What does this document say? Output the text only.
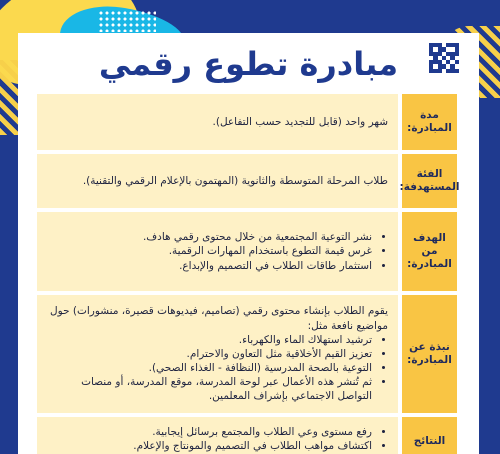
مبادرة تطوع رقمي
مدة المبادرة:

شهر واحد (قابل للتجديد حسب التفاعل).

الفئة المستهدفة:

طلاب المرحلة المتوسطة والثانوية (المهتمون بالإعلام الرقمي والتقنية).

الهدف من المبادرة:
• نشر التوعية المجتمعية من خلال محتوى رقمي هادف.
• غرس قيمة التطوع باستخدام المهارات الرقمية.
• استثمار طاقات الطلاب في التصميم والإبداع.
نبذة عن المبادرة:

يقوم الطلاب بإنشاء محتوى رقمي (تصاميم، فيديوهات قصيرة، منشورات) حول مواضيع نافعة مثل:

• ترشيد استهلاك الماء والكهرباء.
• تعزيز القيم الأخلاقية مثل التعاون والاحترام.
• التوعية بالصحة المدرسية (النظافة - الغذاء الصحي).
• ثم تُنشر هذه الأعمال عبر لوحة المدرسة، موقع المدرسة، أو منصات التواصل الاجتماعي بإشراف المعلمين.
النتائج
• رفع مستوى وعي الطلاب والمجتمع برسائل إيجابية.
• اكتشاف مواهب الطلاب في التصميم والمونتاج والإعلام.
